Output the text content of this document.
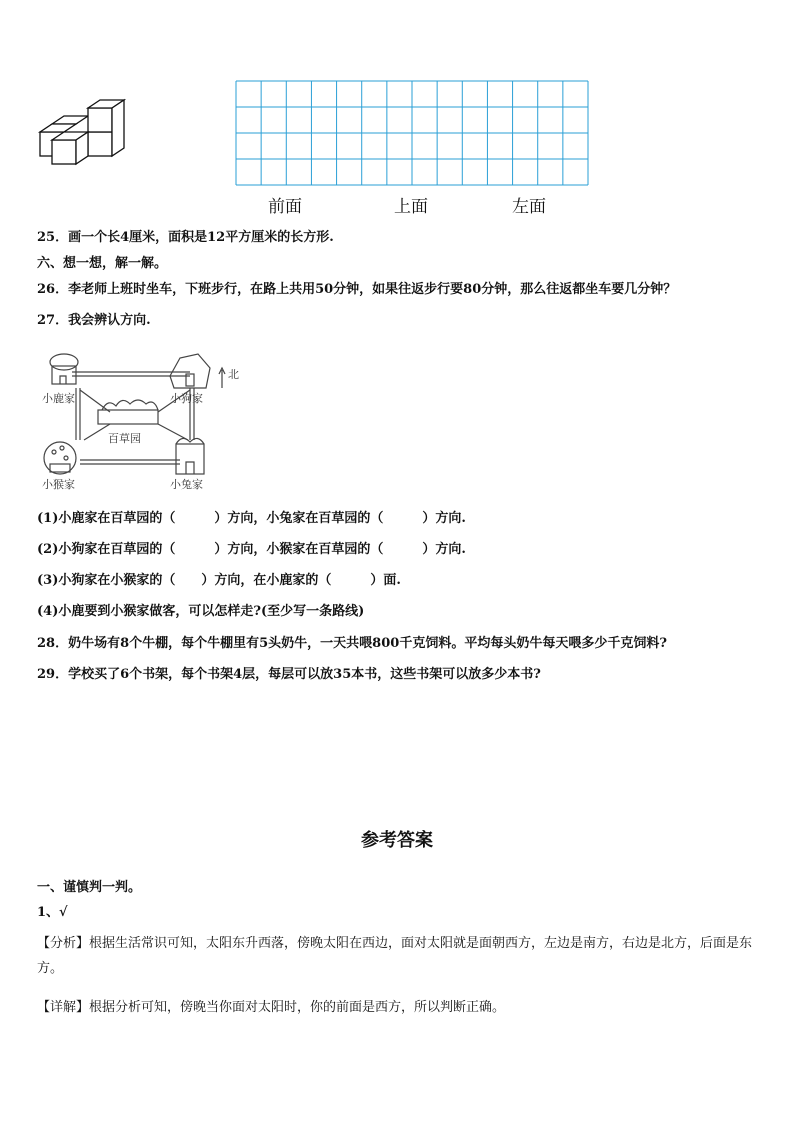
前面	上面	左面
25．画一个长4厘米，面积是12平方厘米的长方形.
六、想一想，解一解。
26．李老师上班时坐车，下班步行，在路上共用50分钟，如果往返步行要80分钟，那么往返都坐车要几分钟？
27．我会辨认方向.
北
小鹿家	小狗家
百草园
小猴家	小兔家
(1)小鹿家在百草园的（　　　）方向，小兔家在百草园的（　　　）方向.
(2)小狗家在百草园的（　　　）方向，小猴家在百草园的（　　　）方向.
(3)小狗家在小猴家的（　　）方向，在小鹿家的（　　　）面.
(4)小鹿要到小猴家做客，可以怎样走?(至少写一条路线)
28．奶牛场有8个牛棚，每个牛棚里有5头奶牛，一天共喂800千克饲料。平均每头奶牛每天喂多少千克饲料?
29．学校买了6个书架，每个书架4层，每层可以放35本书，这些书架可以放多少本书?
参考答案
一、谨慎判一判。
1、√
【分析】根据生活常识可知，太阳东升西落，傍晚太阳在西边，面对太阳就是面朝西方，左边是南方，右边是北方，后面是东方。
【详解】根据分析可知，傍晚当你面对太阳时，你的前面是西方，所以判断正确。
